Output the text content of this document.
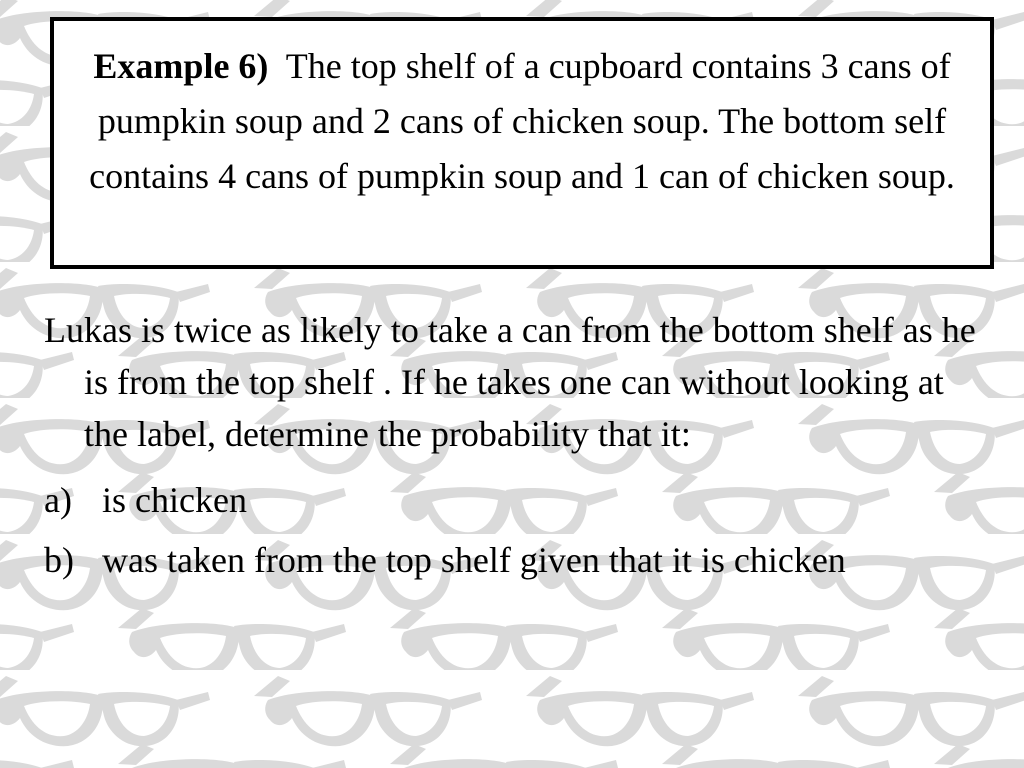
Example 6) The top shelf of a cupboard contains 3 cans of pumpkin soup and 2 cans of chicken soup. The bottom self contains 4 cans of pumpkin soup and 1 can of chicken soup.

Lukas is twice as likely to take a can from the bottom shelf as he is from the top shelf . If he takes one can without looking at the label, determine the probability that it:

a) is chicken
b) was taken from the top shelf given that it is chicken
